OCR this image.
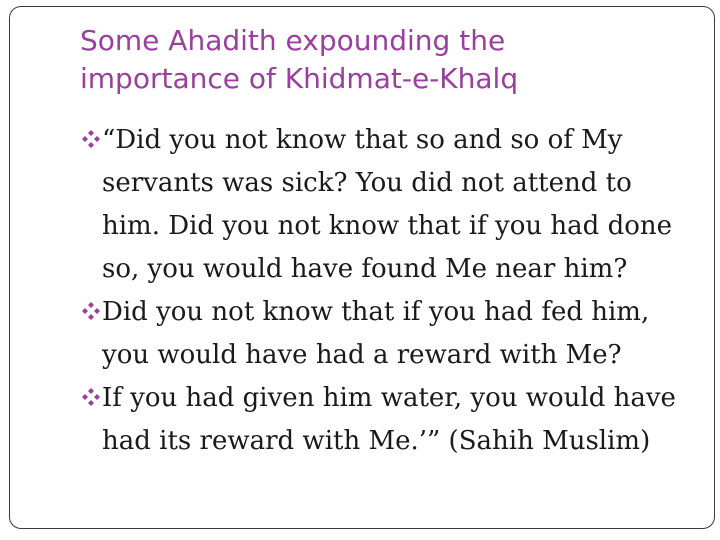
Some Ahadith expounding the
importance of Khidmat-e-Khalq
“Did you not know that so and so of My servants was sick? You did not attend to him. Did you not know that if you had done so, you would have found Me near him?
Did you not know that if you had fed him, you would have had a reward with Me?
If you had given him water, you would have had its reward with Me.’” (Sahih Muslim)
